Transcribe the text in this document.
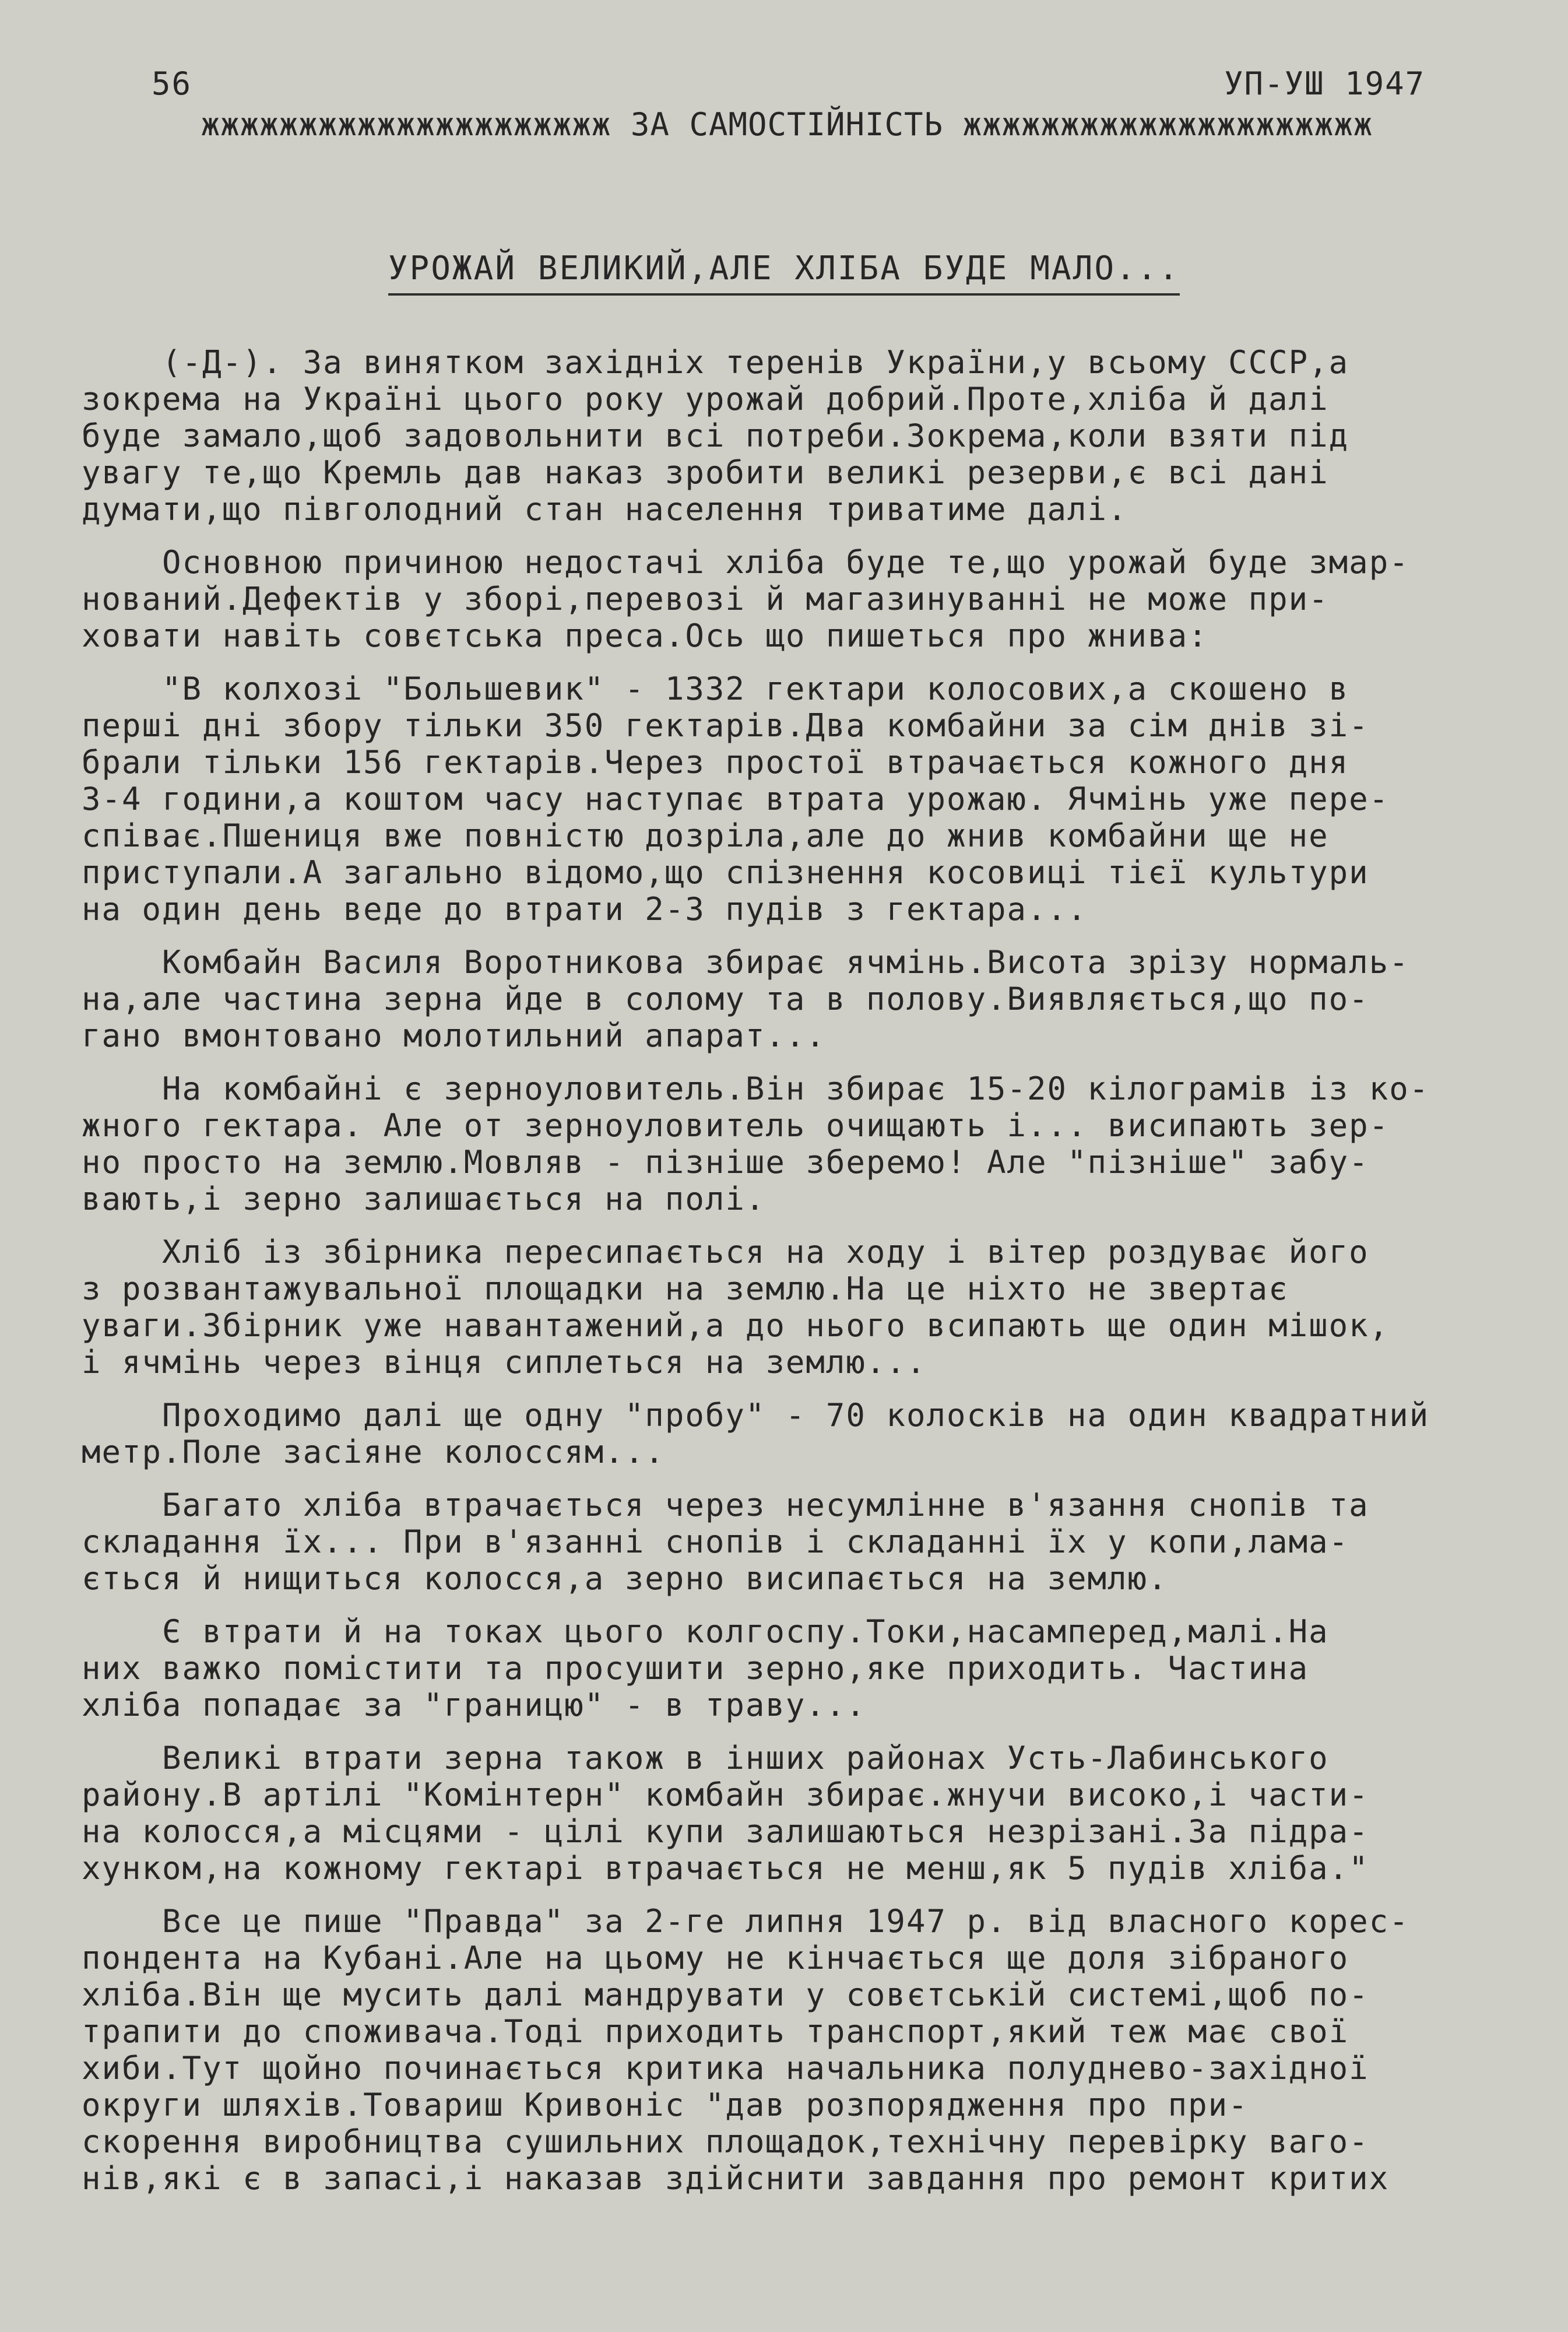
56	УП-УШ 1947
жжжжжжжжжжжжжжжжжжжжж ЗА САМОСТІЙНІСТЬ жжжжжжжжжжжжжжжжжжжжж
УРОЖАЙ ВЕЛИКИЙ,АЛЕ ХЛІБА БУДЕ МАЛО...

(-Д-). За винятком західніх теренів України,у всьому СССР,а
зокрема на Україні цього року урожай добрий.Проте,хліба й далі
буде замало,щоб задовольнити всі потреби.Зокрема,коли взяти під
увагу те,що Кремль дав наказ зробити великі резерви,є всі дані
думати,що півголодний стан населення триватиме далі.

Основною причиною недостачі хліба буде те,що урожай буде змар-
нований.Дефектів у зборі,перевозі й магазинуванні не може при-
ховати навіть совєтська преса.Ось що пишеться про жнива:

"В колхозі "Большевик" - 1332 гектари колосових,а скошено в
перші дні збору тільки 350 гектарів.Два комбайни за сім днів зі-
брали тільки 156 гектарів.Через простої втрачається кожного дня
3-4 години,а коштом часу наступає втрата урожаю. Ячмінь уже пере-
співає.Пшениця вже повністю дозріла,але до жнив комбайни ще не
приступали.А загально відомо,що спізнення косовиці тієї культури
на один день веде до втрати 2-3 пудів з гектара...

Комбайн Василя Воротникова збирає ячмінь.Висота зрізу нормаль-
на,але частина зерна йде в солому та в полову.Виявляється,що по-
гано вмонтовано молотильний апарат...

На комбайні є зерноуловитель.Він збирає 15-20 кілограмів із ко-
жного гектара. Але от зерноуловитель очищають і... висипають зер-
но просто на землю.Мовляв - пізніше зберемо! Але "пізніше" забу-
вають,і зерно залишається на полі.

Хліб із збірника пересипається на ходу і вітер роздуває його
з розвантажувальної площадки на землю.На це ніхто не звертає
уваги.Збірник уже навантажений,а до нього всипають ще один мішок,
і ячмінь через вінця сиплеться на землю...

Проходимо далі ще одну "пробу" - 70 колосків на один квадратний
метр.Поле засіяне колоссям...

Багато хліба втрачається через несумлінне в'язання снопів та
складання їх... При в'язанні снопів і складанні їх у копи,лама-
ється й нищиться колосся,а зерно висипається на землю.

Є втрати й на токах цього колгоспу.Токи,насамперед,малі.На
них важко помістити та просушити зерно,яке приходить. Частина
хліба попадає за "границю" - в траву...

Великі втрати зерна також в інших районах Усть-Лабинського
району.В артілі "Комінтерн" комбайн збирає.жнучи високо,і части-
на колосся,а місцями - цілі купи залишаються незрізані.За підра-
хунком,на кожному гектарі втрачається не менш,як 5 пудів хліба."

Все це пише "Правда" за 2-ге липня 1947 р. від власного корес-
пондента на Кубані.Але на цьому не кінчається ще доля зібраного
хліба.Він ще мусить далі мандрувати у совєтській системі,щоб по-
трапити до споживача.Тоді приходить транспорт,який теж має свої
хиби.Тут щойно починається критика начальника полуднево-західної
округи шляхів.Товариш Кривоніс "дав розпорядження про при-
скорення виробництва сушильних площадок,технічну перевірку ваго-
нів,які є в запасі,і наказав здійснити завдання про ремонт критих
